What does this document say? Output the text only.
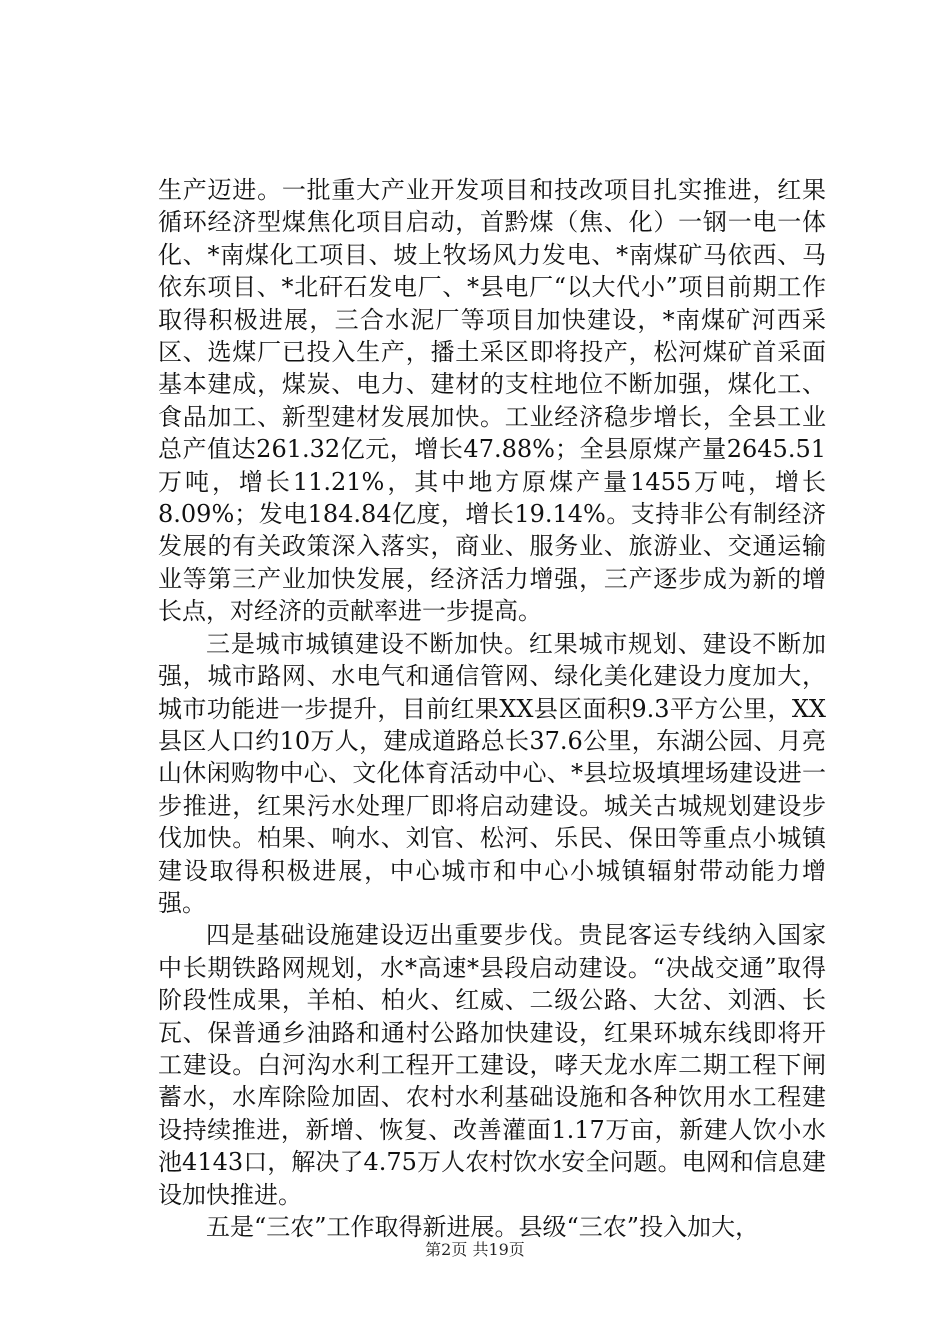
生产迈进。一批重大产业开发项目和技改项目扎实推进，红果循环经济型煤焦化项目启动，首黔煤（焦、化）一钢一电一体化、*南煤化工项目、坡上牧场风力发电、*南煤矿马依西、马依东项目、*北矸石发电厂、*县电厂“以大代小”项目前期工作取得积极进展，三合水泥厂等项目加快建设，*南煤矿河西采区、选煤厂已投入生产，播土采区即将投产，松河煤矿首采面基本建成，煤炭、电力、建材的支柱地位不断加强，煤化工、食品加工、新型建材发展加快。工业经济稳步增长，全县工业总产值达261.32亿元，增长47.88%；全县原煤产量2645.51万吨，增长11.21%，其中地方原煤产量1455万吨，增长8.09%；发电184.84亿度，增长19.14%。支持非公有制经济发展的有关政策深入落实，商业、服务业、旅游业、交通运输业等第三产业加快发展，经济活力增强，三产逐步成为新的增长点，对经济的贡献率进一步提高。

三是城市城镇建设不断加快。红果城市规划、建设不断加强，城市路网、水电气和通信管网、绿化美化建设力度加大，城市功能进一步提升，目前红果XX县区面积9.3平方公里，XX县区人口约10万人，建成道路总长37.6公里，东湖公园、月亮山休闲购物中心、文化体育活动中心、*县垃圾填埋场建设进一步推进，红果污水处理厂即将启动建设。城关古城规划建设步伐加快。柏果、响水、刘官、松河、乐民、保田等重点小城镇建设取得积极进展，中心城市和中心小城镇辐射带动能力增强。

四是基础设施建设迈出重要步伐。贵昆客运专线纳入国家中长期铁路网规划，水*高速*县段启动建设。“决战交通”取得阶段性成果，羊柏、柏火、红威、二级公路、大岔、刘洒、长瓦、保普通乡油路和通村公路加快建设，红果环城东线即将开工建设。白河沟水利工程开工建设，哮天龙水库二期工程下闸蓄水，水库除险加固、农村水利基础设施和各种饮用水工程建设持续推进，新增、恢复、改善灌面1.17万亩，新建人饮小水池4143口，解决了4.75万人农村饮水安全问题。电网和信息建设加快推进。

五是“三农”工作取得新进展。县级“三农”投入加大，

第2页 共19页
